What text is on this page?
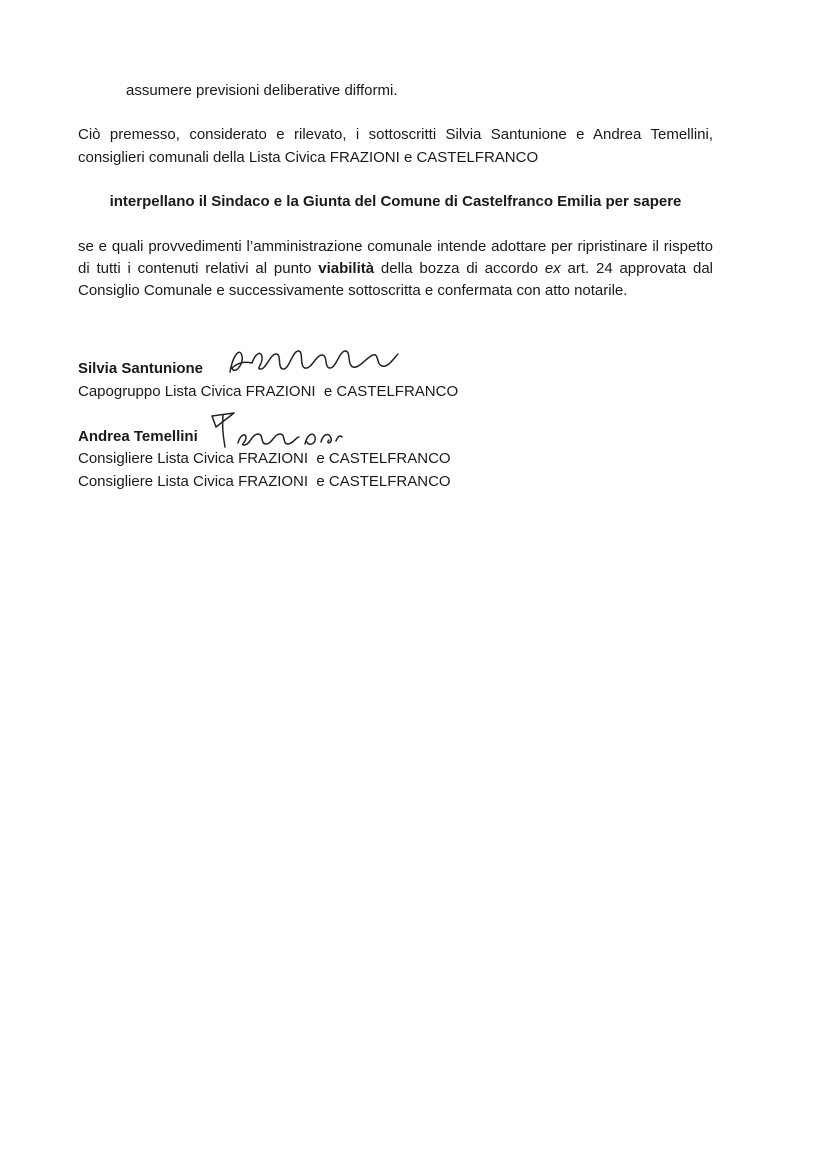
assumere previsioni deliberative difformi.

Ciò premesso, considerato e rilevato, i sottoscritti Silvia Santunione e Andrea Temellini, consiglieri comunali della Lista Civica FRAZIONI e CASTELFRANCO

interpellano il Sindaco e la Giunta del Comune di Castelfranco Emilia per sapere

se e quali provvedimenti l’amministrazione comunale intende adottare per ripristinare il rispetto di tutti i contenuti relativi al punto viabilità della bozza di accordo ex art. 24 approvata dal Consiglio Comunale e successivamente sottoscritta e confermata con atto notarile.

Silvia Santunione

Capogruppo Lista Civica FRAZIONI  e CASTELFRANCO

Andrea Temellini

Consigliere Lista Civica FRAZIONI  e CASTELFRANCO

Consigliere Lista Civica FRAZIONI  e CASTELFRANCO
